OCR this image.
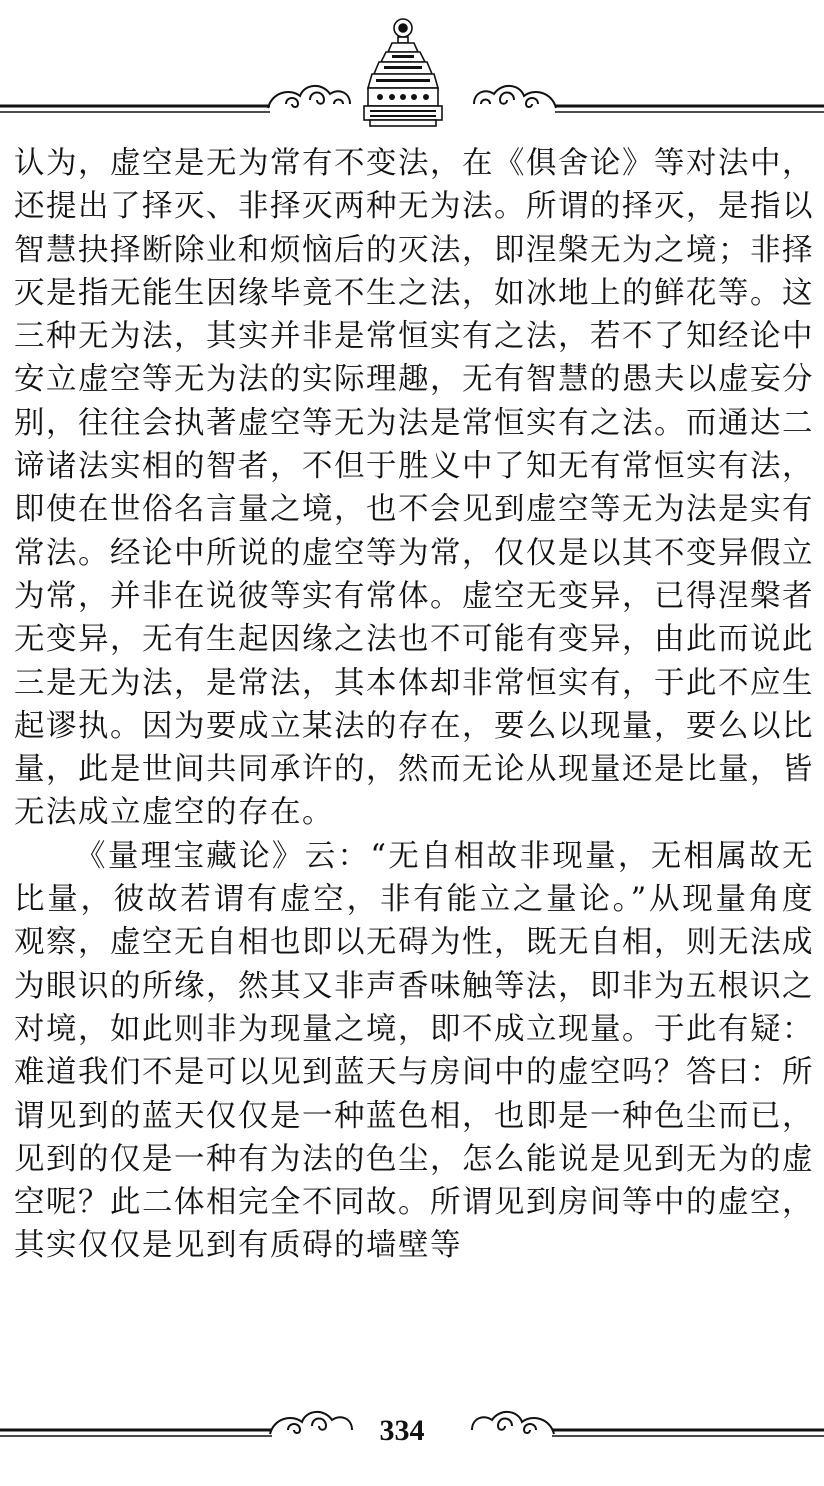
认为，虚空是无为常有不变法，在《俱舍论》等对法中，还提出了择灭、非择灭两种无为法。所谓的择灭，是指以智慧抉择断除业和烦恼后的灭法，即涅槃无为之境；非择灭是指无能生因缘毕竟不生之法，如冰地上的鲜花等。这三种无为法，其实并非是常恒实有之法，若不了知经论中安立虚空等无为法的实际理趣，无有智慧的愚夫以虚妄分别，往往会执著虚空等无为法是常恒实有之法。而通达二谛诸法实相的智者，不但于胜义中了知无有常恒实有法，即使在世俗名言量之境，也不会见到虚空等无为法是实有常法。经论中所说的虚空等为常，仅仅是以其不变异假立为常，并非在说彼等实有常体。虚空无变异，已得涅槃者无变异，无有生起因缘之法也不可能有变异，由此而说此三是无为法，是常法，其本体却非常恒实有，于此不应生起谬执。因为要成立某法的存在，要么以现量，要么以比量，此是世间共同承许的，然而无论从现量还是比量，皆无法成立虚空的存在。

《量理宝藏论》云：“无自相故非现量，无相属故无比量，彼故若谓有虚空，非有能立之量论。”从现量角度观察，虚空无自相也即以无碍为性，既无自相，则无法成为眼识的所缘，然其又非声香味触等法，即非为五根识之对境，如此则非为现量之境，即不成立现量。于此有疑：难道我们不是可以见到蓝天与房间中的虚空吗？答曰：所谓见到的蓝天仅仅是一种蓝色相，也即是一种色尘而已，见到的仅是一种有为法的色尘，怎么能说是见到无为的虚空呢？此二体相完全不同故。所谓见到房间等中的虚空，其实仅仅是见到有质碍的墙壁等

334
